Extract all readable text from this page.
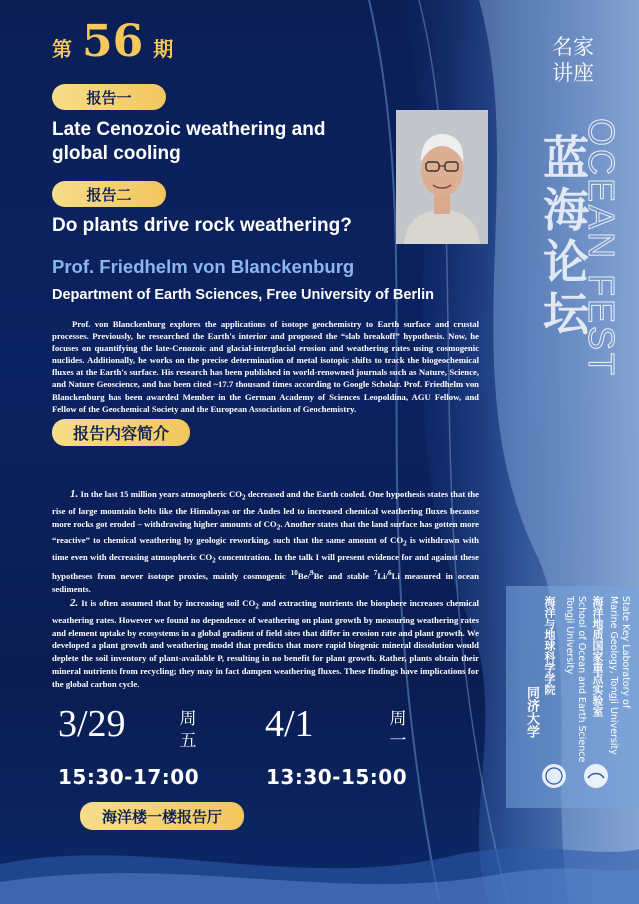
第 56 期
报告一
Late Cenozoic weathering and
global cooling
报告二
Do plants drive rock weathering?
名家
讲座
OCEAN FEST
蓝
海
论
坛
Prof. Friedhelm von Blanckenburg
Department of Earth Sciences, Free University of Berlin
Prof. von Blanckenburg explores the applications of isotope geochemistry to Earth surface and crustal processes. Previously, he researched the Earth's interior and proposed the “slab breakoff” hypothesis. Now, he focuses on quantifying the late-Cenozoic and glacial-interglacial erosion and weathering rates using cosmogenic nuclides. Additionally, he works on the precise determination of metal isotopic shifts to track the biogeochemical fluxes at the Earth's surface. His research has been published in world-renowned journals such as Nature, Science, and Nature Geoscience, and has been cited ~17.7 thousand times according to Google Scholar. Prof. Friedhelm von Blanckenburg has been awarded Member in the German Academy of Sciences Leopoldina, AGU Fellow, and Fellow of the Geochemical Society and the European Association of Geochemistry.
报告内容简介
1. In the last 15 million years atmospheric $CO_2$ decreased and the Earth cooled. One hypothesis states that the rise of large mountain belts like the Himalayas or the Andes led to increased chemical weathering fluxes because more rocks got eroded – withdrawing higher amounts of $CO_2$. Another states that the land surface has gotten more “reactive” to chemical weathering by geologic reworking, such that the same amount of $CO_2$ is withdrawn with time even with decreasing atmospheric $CO_2$ concentration. In the talk I will present evidence for and against these hypotheses from newer isotope proxies, mainly cosmogenic $^{10}$Be/$^9$Be and stable $^7$Li/$^6$Li measured in ocean sediments.
2. It is often assumed that by increasing soil $CO_2$ and extracting nutrients the biosphere increases chemical weathering rates. However we found no dependence of weathering on plant growth by measuring weathering rates and element uptake by ecosystems in a global gradient of field sites that differ in erosion rate and plant growth. We developed a plant growth and weathering model that predicts that more rapid biogenic mineral dissolution would deplete the soil inventory of plant-available P, resulting in no benefit for plant growth. Rather, plants obtain their mineral nutrients from recycling; they may in fact dampen weathering fluxes. These findings have implications for the global carbon cycle.	State Key Laboratory of
Marine Geology, Tongji University
海洋地质国家重点实验室
School of Ocean and Earth Science
Tongji University
海洋与地球科学学院
同济大学
3/29	周
五 4/1	周
一
15:30-17:00	13:30-15:00
海洋楼一楼报告厅
